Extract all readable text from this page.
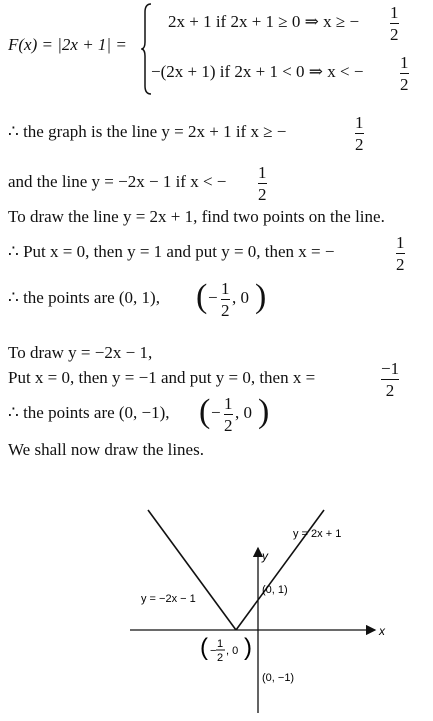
F(x) = |2x + 1| =
2x + 1 if 2x + 1 ≥ 0 ⇒ x ≥ − 1
2
−(2x + 1) if 2x + 1 < 0 ⇒ x < − 1
2
∴ the graph is the line y = 2x + 1 if x ≥ −	1
2
and the line y = −2x − 1 if x < − 1
2
To draw the line y = 2x + 1, find two points on the line.
∴ Put x = 0, then y = 1 and put y = 0, then x = −	1
2
∴ the points are (0, 1), ( − 1
2
, 0 )
To draw y = −2x − 1,
Put x = 0, then y = −1 and put y = 0, then x =	−1
2
∴ the points are (0, −1), ( − 1
2
, 0 )
We shall now draw the lines.
x
y
y = 2x + 1
y = −2x − 1
(0, 1)
(0, −1)
( −
1
2
, 0 )
